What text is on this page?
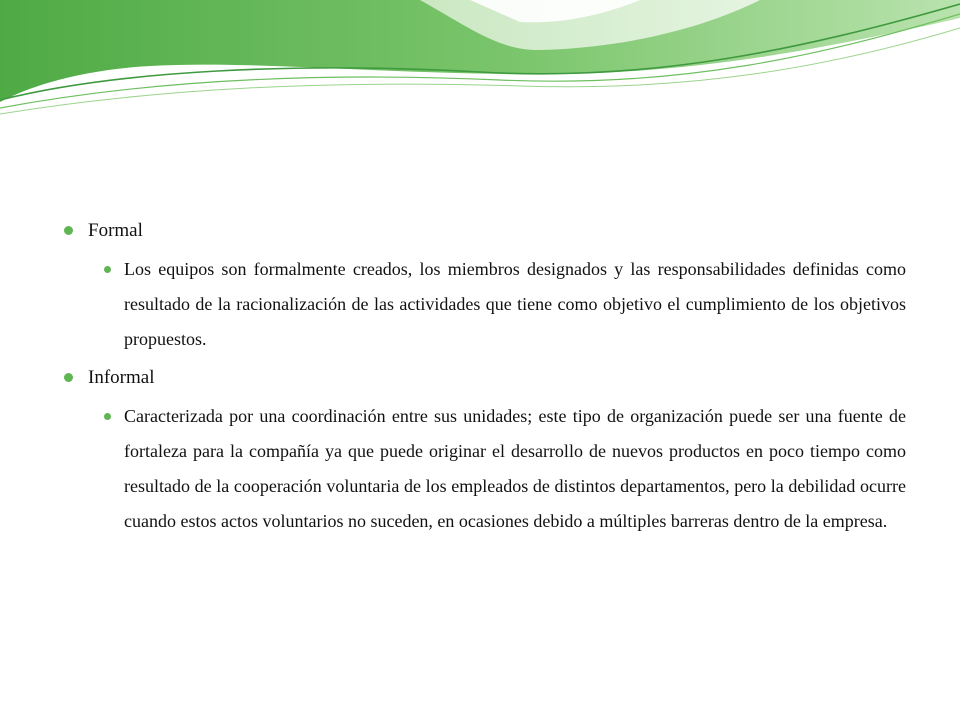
Formal
Los equipos son formalmente creados, los miembros designados y las responsabilidades definidas como resultado de la racionalización de las actividades que tiene como objetivo el cumplimiento de los objetivos propuestos.
Informal
Caracterizada por una coordinación entre sus unidades; este tipo de organización puede ser una fuente de fortaleza para la compañía ya que puede originar el desarrollo de nuevos productos en poco tiempo como resultado de la cooperación voluntaria de los empleados de distintos departamentos, pero la debilidad ocurre cuando estos actos voluntarios no suceden, en ocasiones debido a múltiples barreras dentro de la empresa.
